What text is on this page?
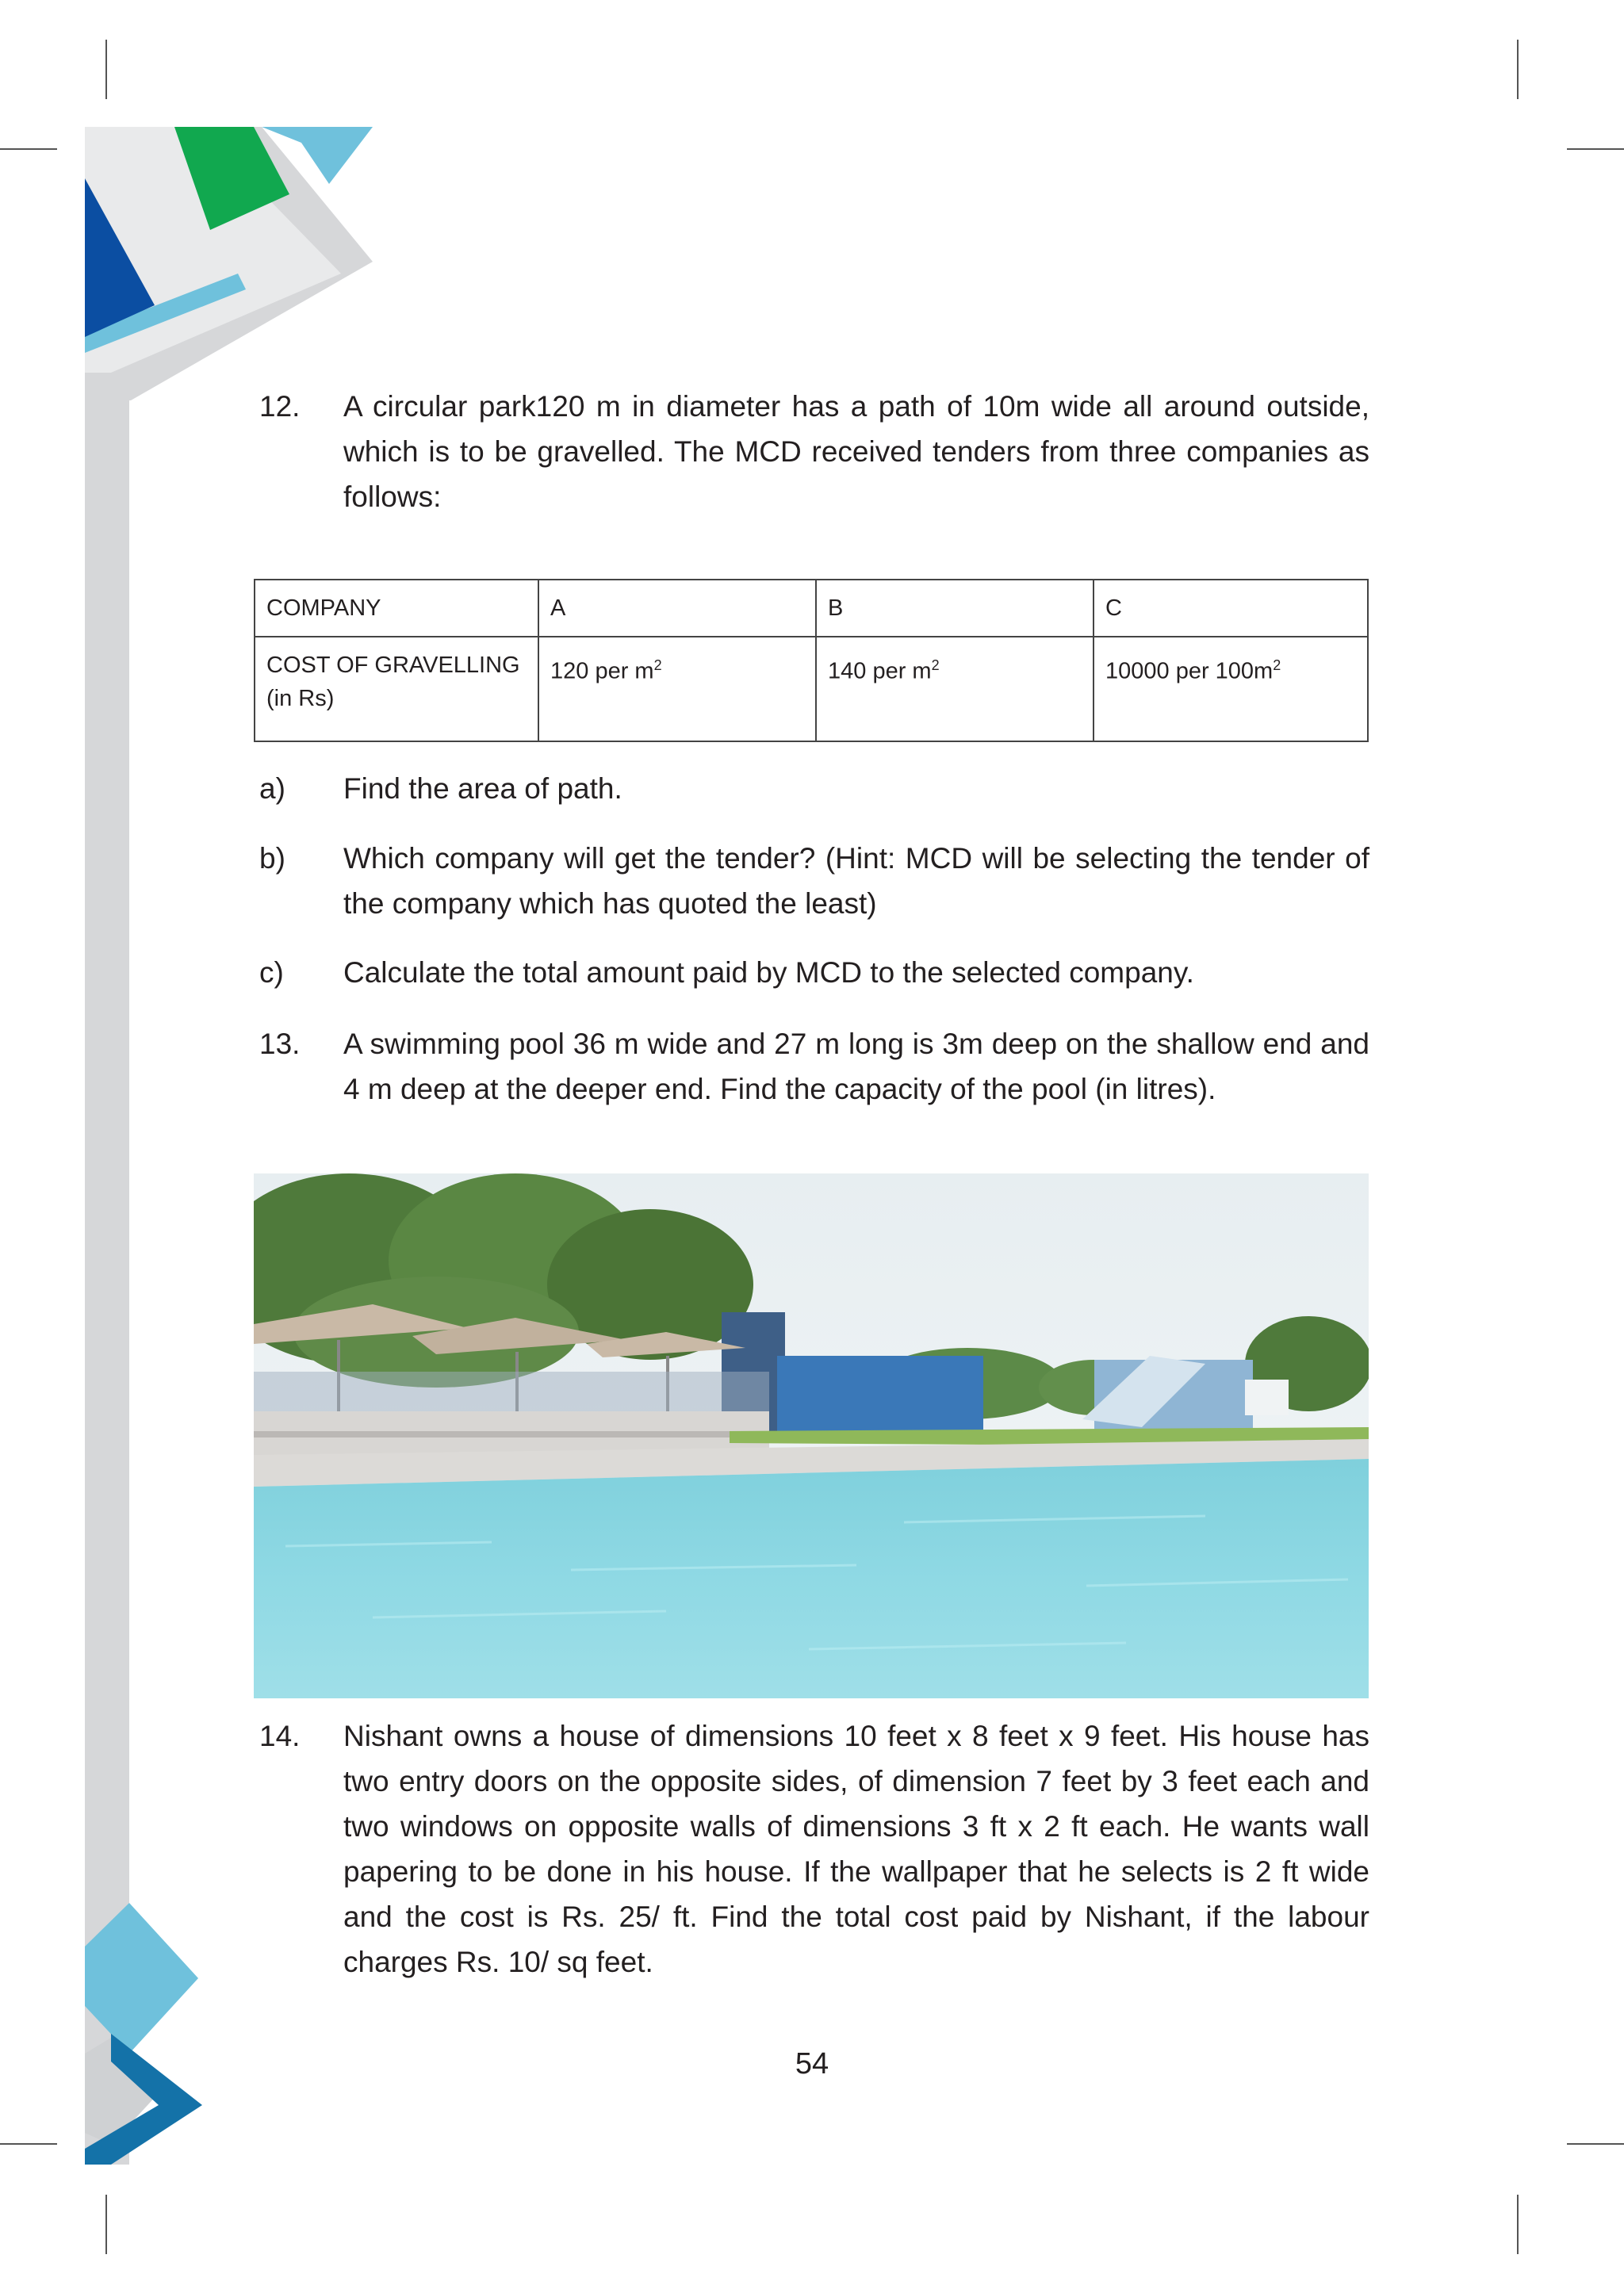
12. A circular park120 m in diameter has a path of 10m wide all around outside, which is to be gravelled. The MCD received tenders from three companies as follows:
COMPANY	A	B	C
COST OF GRAVELLING (in Rs)	120 per $m^2$	140 per $m^2$	10000 per $100m^2$
a) Find the area of path.
b) Which company will get the tender? (Hint: MCD will be selecting the tender of the company which has quoted the least)
c) Calculate the total amount paid by MCD to the selected company.
13. A swimming pool 36 m wide and 27 m long is 3m deep on the shallow end and 4 m deep at the deeper end. Find the capacity of the pool (in litres).
14. Nishant owns a house of dimensions 10 feet x 8 feet x 9 feet. His house has two entry doors on the opposite sides, of dimension 7 feet by 3 feet each and two windows on opposite walls of dimensions 3 ft x 2 ft each. He wants wall papering to be done in his house. If the wallpaper that he selects is 2 ft wide and the cost is Rs. 25/ ft. Find the total cost paid by Nishant, if the labour charges Rs. 10/ sq feet.
54
